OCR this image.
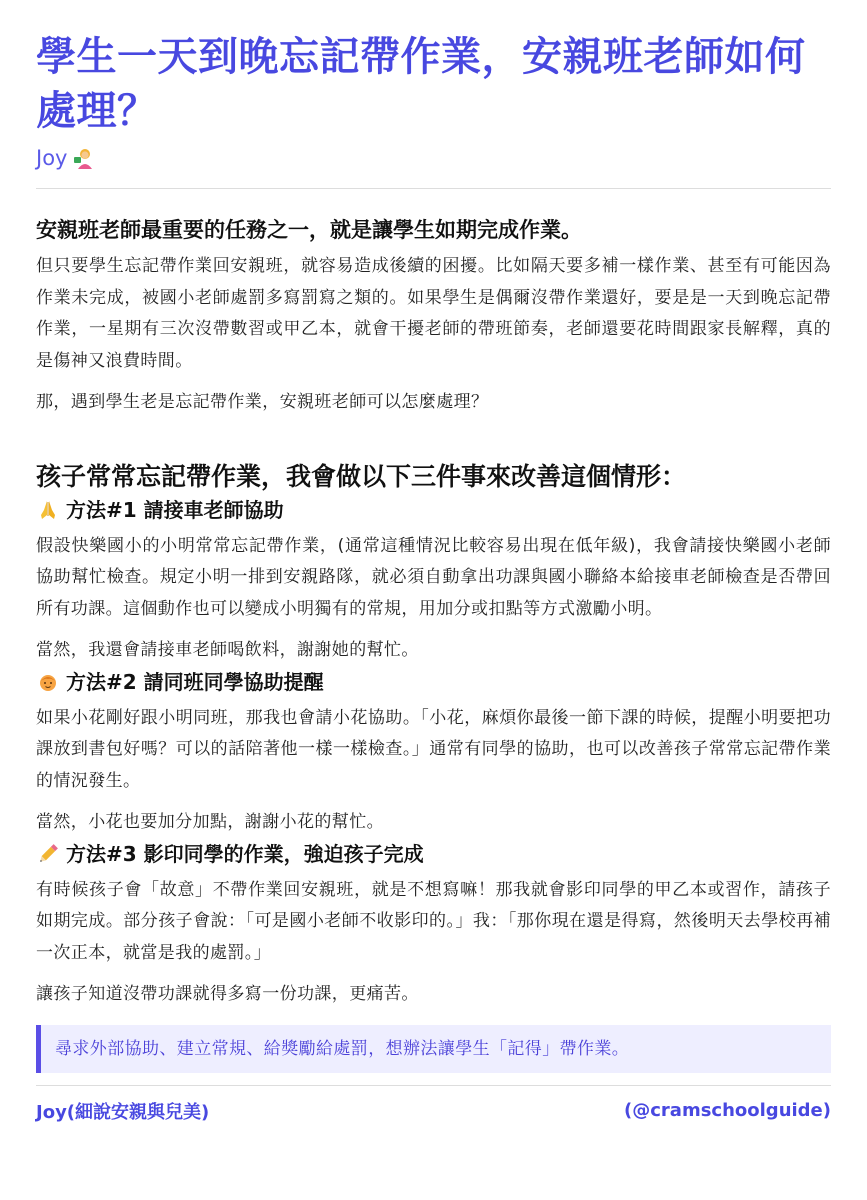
學生一天到晚忘記帶作業，安親班老師如何處理？
Joy
安親班老師最重要的任務之一，就是讓學生如期完成作業。

但只要學生忘記帶作業回安親班，就容易造成後續的困擾。比如隔天要多補一樣作業、甚至有可能因為作業未完成，被國小老師處罰多寫罰寫之類的。如果學生是偶爾沒帶作業還好，要是是一天到晚忘記帶作業，一星期有三次沒帶數習或甲乙本，就會干擾老師的帶班節奏，老師還要花時間跟家長解釋，真的是傷神又浪費時間。

那，遇到學生老是忘記帶作業，安親班老師可以怎麼處理？

孩子常常忘記帶作業，我會做以下三件事來改善這個情形：
方法#1 請接車老師協助

假設快樂國小的小明常常忘記帶作業，(通常這種情況比較容易出現在低年級)，我會請接快樂國小老師協助幫忙檢查。規定小明一排到安親路隊，就必須自動拿出功課與國小聯絡本給接車老師檢查是否帶回所有功課。這個動作也可以變成小明獨有的常規，用加分或扣點等方式激勵小明。

當然，我還會請接車老師喝飲料，謝謝她的幫忙。

方法#2 請同班同學協助提醒

如果小花剛好跟小明同班，那我也會請小花協助。「小花，麻煩你最後一節下課的時候，提醒小明要把功課放到書包好嗎？可以的話陪著他一樣一樣檢查。」通常有同學的協助，也可以改善孩子常常忘記帶作業的情況發生。

當然，小花也要加分加點，謝謝小花的幫忙。

方法#3 影印同學的作業，強迫孩子完成

有時候孩子會「故意」不帶作業回安親班，就是不想寫嘛！那我就會影印同學的甲乙本或習作，請孩子如期完成。部分孩子會說：「可是國小老師不收影印的。」我：「那你現在還是得寫，然後明天去學校再補一次正本，就當是我的處罰。」

讓孩子知道沒帶功課就得多寫一份功課，更痛苦。

尋求外部協助、建立常規、給獎勵給處罰，想辦法讓學生「記得」帶作業。
Joy(細說安親與兒美)	(@cramschoolguide)
